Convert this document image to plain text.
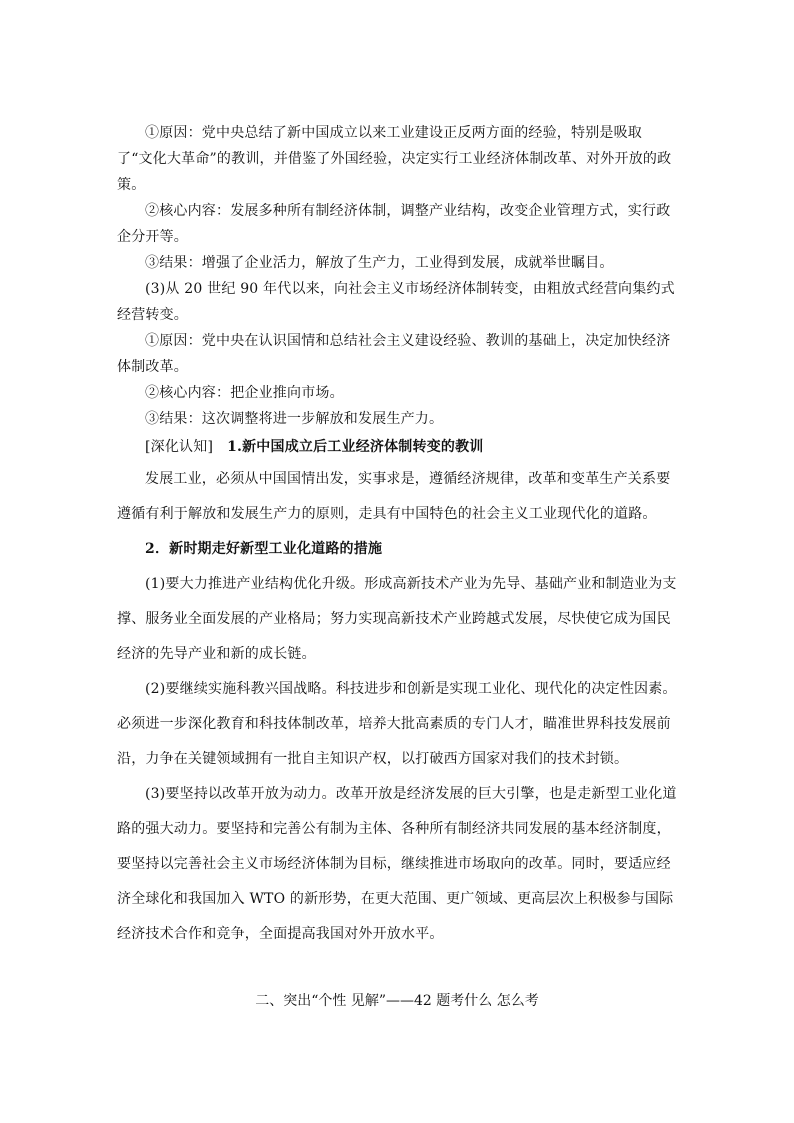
①原因：党中央总结了新中国成立以来工业建设正反两方面的经验，特别是吸取了“文化大革命”的教训，并借鉴了外国经验，决定实行工业经济体制改革、对外开放的政策。

②核心内容：发展多种所有制经济体制，调整产业结构，改变企业管理方式，实行政企分开等。

③结果：增强了企业活力，解放了生产力，工业得到发展，成就举世瞩目。

(3)从 20 世纪 90 年代以来，向社会主义市场经济体制转变，由粗放式经营向集约式经营转变。

①原因：党中央在认识国情和总结社会主义建设经验、教训的基础上，决定加快经济体制改革。

②核心内容：把企业推向市场。

③结果：这次调整将进一步解放和发展生产力。

[深化认知] 1.新中国成立后工业经济体制转变的教训

发展工业，必须从中国国情出发，实事求是，遵循经济规律，改革和变革生产关系要遵循有利于解放和发展生产力的原则，走具有中国特色的社会主义工业现代化的道路。

2．新时期走好新型工业化道路的措施

(1)要大力推进产业结构优化升级。形成高新技术产业为先导、基础产业和制造业为支撑、服务业全面发展的产业格局；努力实现高新技术产业跨越式发展，尽快使它成为国民经济的先导产业和新的成长链。

(2)要继续实施科教兴国战略。科技进步和创新是实现工业化、现代化的决定性因素。必须进一步深化教育和科技体制改革，培养大批高素质的专门人才，瞄准世界科技发展前沿，力争在关键领域拥有一批自主知识产权，以打破西方国家对我们的技术封锁。

(3)要坚持以改革开放为动力。改革开放是经济发展的巨大引擎，也是走新型工业化道路的强大动力。要坚持和完善公有制为主体、各种所有制经济共同发展的基本经济制度，要坚持以完善社会主义市场经济体制为目标，继续推进市场取向的改革。同时，要适应经济全球化和我国加入 WTO 的新形势，在更大范围、更广领域、更高层次上积极参与国际经济技术合作和竞争，全面提高我国对外开放水平。

二、突出“个性 见解”——42 题考什么 怎么考
